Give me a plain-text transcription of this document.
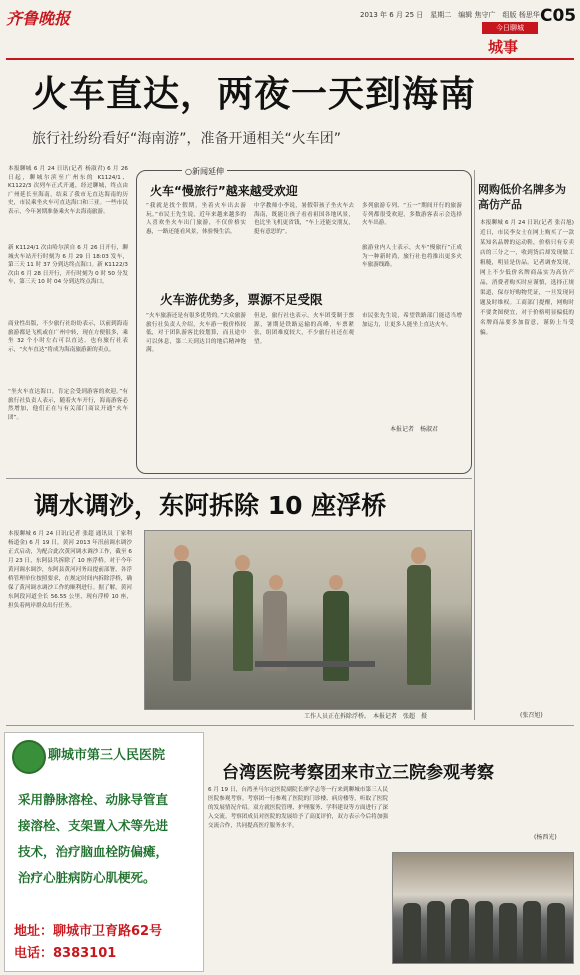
齐鲁晚报	2013 年 6 月 25 日　星期二　编辑 焦守广　组版 杨思华 C05
今日聊城
城事
火车直达，两夜一天到海南
旅行社纷纷看好“海南游”，准备开通相关“火车团”
本报聊城 6 月 24 日讯(记者 杨淑君) 6 月 26 日起，聊城尔滨至广州东的 K1124/1、K1122/3 次列车正式开通，经过聊城，终点由广州延长至海南，结束了我市无直达海南的历史，市民乘坐火车可直达海口和三亚。一些市民表示，今年暑期准备乘火车去海南旅游。
新 K1124/1 次由哈尔滨自 6 月 26 日开行，聊城火车站开行时刻为 6 月 29 日 18:03 发车，第三天 11 时 37 分到达终点海口。新 K1122/3 次由 6 月 28 日开行，开行时刻为 0 时 50 分发车，第三天 10 时 04 分到达终点海口。
商业性出版，不少旅行社纷纷表示，以前到海南旅游都是飞机或在广州中转，现在方便很多，乘坐 32 个小时左右可以直达。也有旅行社表示，“火车直达”将成为海南旅游新的卖点。
“坐火车直达海口，肯定会受到游客的欢迎。”有旅行社负责人表示，随着火车开行，海南游客必然增加，他们正在与有关部门商议开通“火车团”。
○新闻延伸
火车“慢旅行”越来越受欢迎
“我就是找个假期，坐着火车出去游玩。”市民王先生说，近年来越来越多的人喜欢坐火车出门旅游，不仅价格实惠，一路还能看风景，体验慢生活。
中学教师小李说，暑假带孩子坐火车去海南，既能让孩子看看祖国各地风景，也比坐飞机更省钱，“车上还能交朋友，挺有意思的”。
多列旅游专列、“五一”期间开行的旅游专列都很受欢迎，多数游客表示会选择火车出游。
旅游业内人士表示，火车“慢旅行”正成为一种新时尚，旅行社也将推出更多火车旅游线路。
火车游优势多，票源不足受限
“火车旅游还是有很多优势的。”大众旅游旅行社负责人介绍，火车游一般价格较低，对于团队游客比较划算，而且途中可以休息，第二天到达目的地后精神饱满。
但是，旅行社也表示，火车团受制于票源，暑期是铁路运输的高峰，车票紧张，组团难度较大，不少旅行社还在观望。
市民张先生说，希望铁路部门能适当增加运力，让更多人能坐上直达火车。
本报记者　杨淑君
网购低价名牌多为高仿产品
本报聊城 6 月 24 日讯(记者 张召旭) 近日，市民李女士在网上购买了一款某知名品牌的运动鞋，价格只有专卖店的三分之一，收到货后却发现做工粗糙，明显是仿品。记者调查发现，网上不少低价名牌商品实为高仿产品，消费者购买时应谨慎，选择正规渠道，保存好购物凭证，一旦发现问题及时维权。工商部门提醒，网购时不要贪图便宜，对于价格明显偏低的名牌商品要多加留意，谨防上当受骗。
(张召旭)
调水调沙，东阿拆除 10 座浮桥
本报聊城 6 月 24 日讯(记者 张超 通讯员 丁家利 杨道金) 6 月 19 日，黄河 2013 年汛前调水调沙正式启动，为配合此次黄河调水调沙工作，截至 6 月 23 日，东阿县共拆除了 10 座浮桥。对于今年黄河调水调沙，东阿县黄河河务局提前部署，各浮桥管理单位按照要求，在规定时间内拆除浮桥，确保了黄河调水调沙工作的顺利进行。据了解，黄河东阿段河道全长 56.55 公里，现有浮桥 10 座，担负着两岸群众出行任务。
工作人员正在拆除浮桥。　本报记者　张超　摄
聊城市第三人民医院
采用静脉溶栓、动脉导管直
接溶栓、支架置入术等先进
技术，治疗脑血栓防偏瘫，
治疗心脏病防心肌梗死。
地址：聊城市卫育路62号
电话：8383101
台湾医院考察团来市立三院参观考察
6 月 19 日，台湾圣马尔定医院副院长廖学志等一行来到聊城市第三人民医院参观考察。考察团一行参观了医院的门诊楼、病房楼等，听取了医院的发展情况介绍。双方就医院管理、护理服务、学科建设等方面进行了深入交流。考察团成员对医院的发展给予了高度评价，双方表示今后将加强交流合作，共同提高医疗服务水平。
(杨西光)
